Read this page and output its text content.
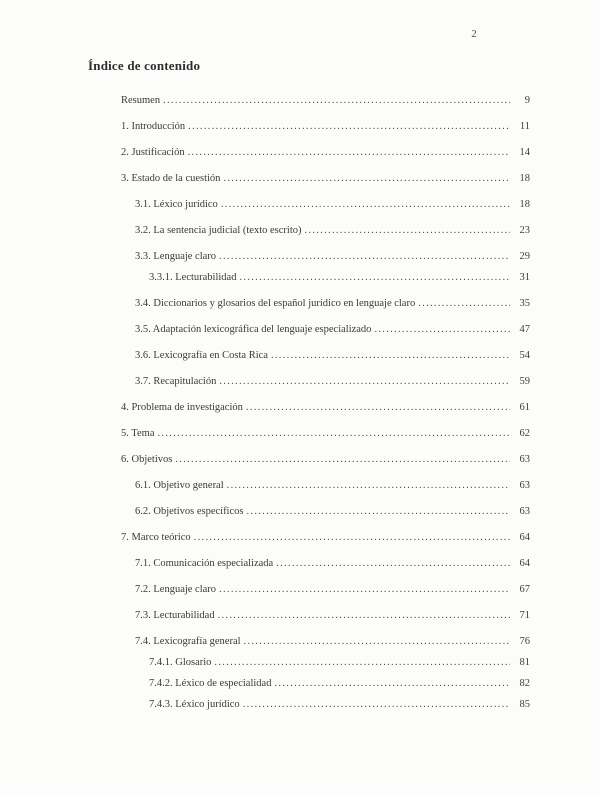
2
Índice de contenido
Resumen .....	9
1. Introducción .....	11
2. Justificación .....	14
3. Estado de la cuestión .....	18
3.1. Léxico jurídico .....	18
3.2. La sentencia judicial (texto escrito) .....	23
3.3. Lenguaje claro .....	29
3.3.1. Lecturabilidad .....	31
3.4. Diccionarios y glosarios del español jurídico en lenguaje claro .....	35
3.5. Adaptación lexicográfica del lenguaje especializado .....	47
3.6. Lexicografía en Costa Rica .....	54
3.7. Recapitulación .....	59
4. Problema de investigación .....	61
5. Tema .....	62
6. Objetivos .....	63
6.1. Objetivo general .....	63
6.2. Objetivos específicos .....	63
7. Marco teórico .....	64
7.1. Comunicación especializada .....	64
7.2. Lenguaje claro .....	67
7.3. Lecturabilidad .....	71
7.4. Lexicografía general .....	76
7.4.1. Glosario .....	81
7.4.2. Léxico de especialidad .....	82
7.4.3. Léxico jurídico .....	85
